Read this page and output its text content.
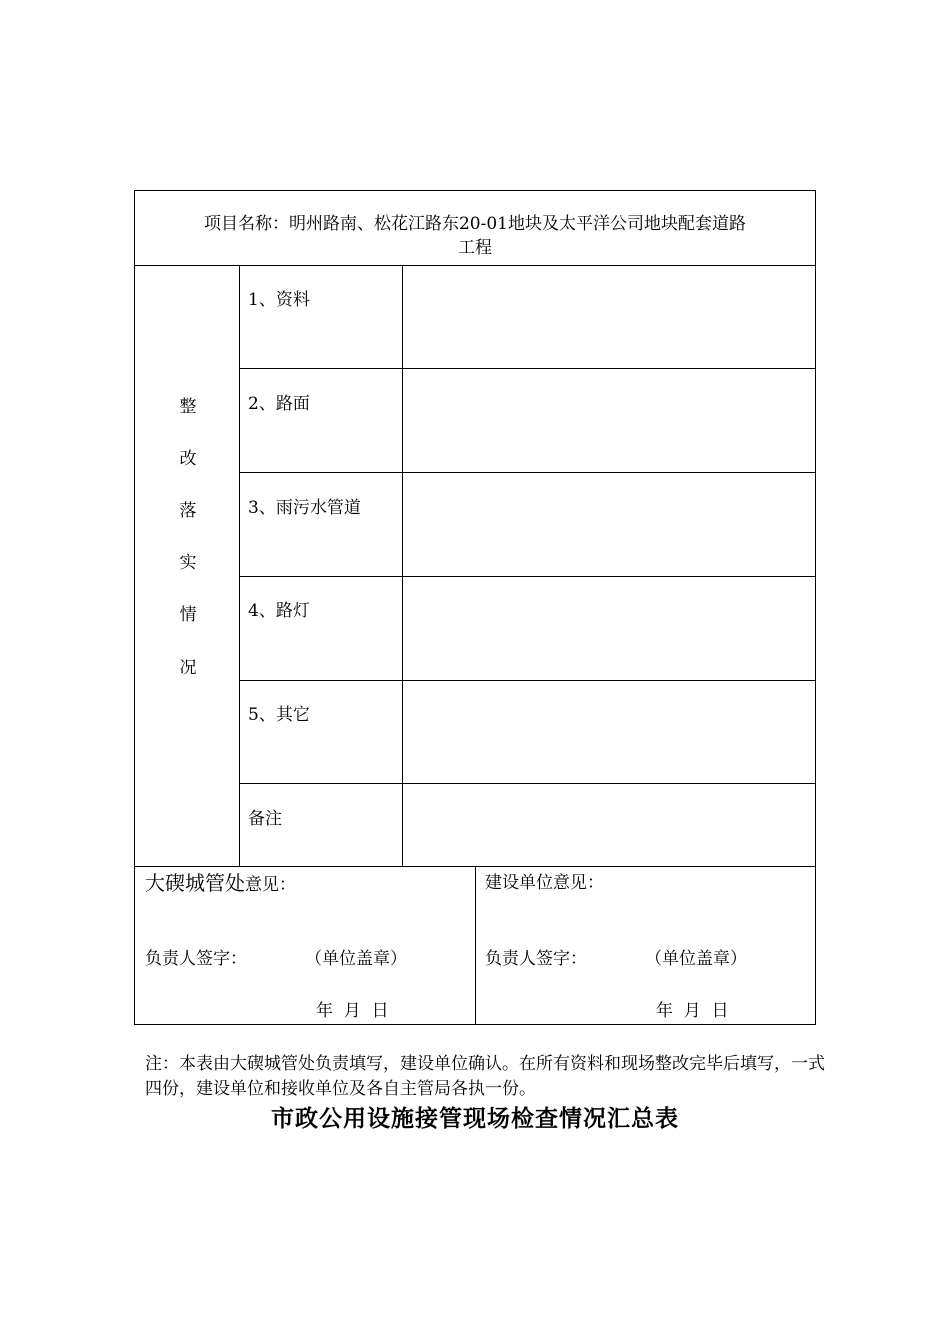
项目名称：明州路南、松花江路东20-01地块及太平洋公司地块配套道路
工程
整
改
落
实
情
况
1、资料
2、路面
3、雨污水管道
4、路灯
5、其它
备注
大碶城管处意见：	建设单位意见：
负责人签字：	（单位盖章）	负责人签字：	（单位盖章）
年  月  日	年  月  日
注：本表由大碶城管处负责填写，建设单位确认。在所有资料和现场整改完毕后填写，一式四份，建设单位和接收单位及各自主管局各执一份。
市政公用设施接管现场检查情况汇总表
